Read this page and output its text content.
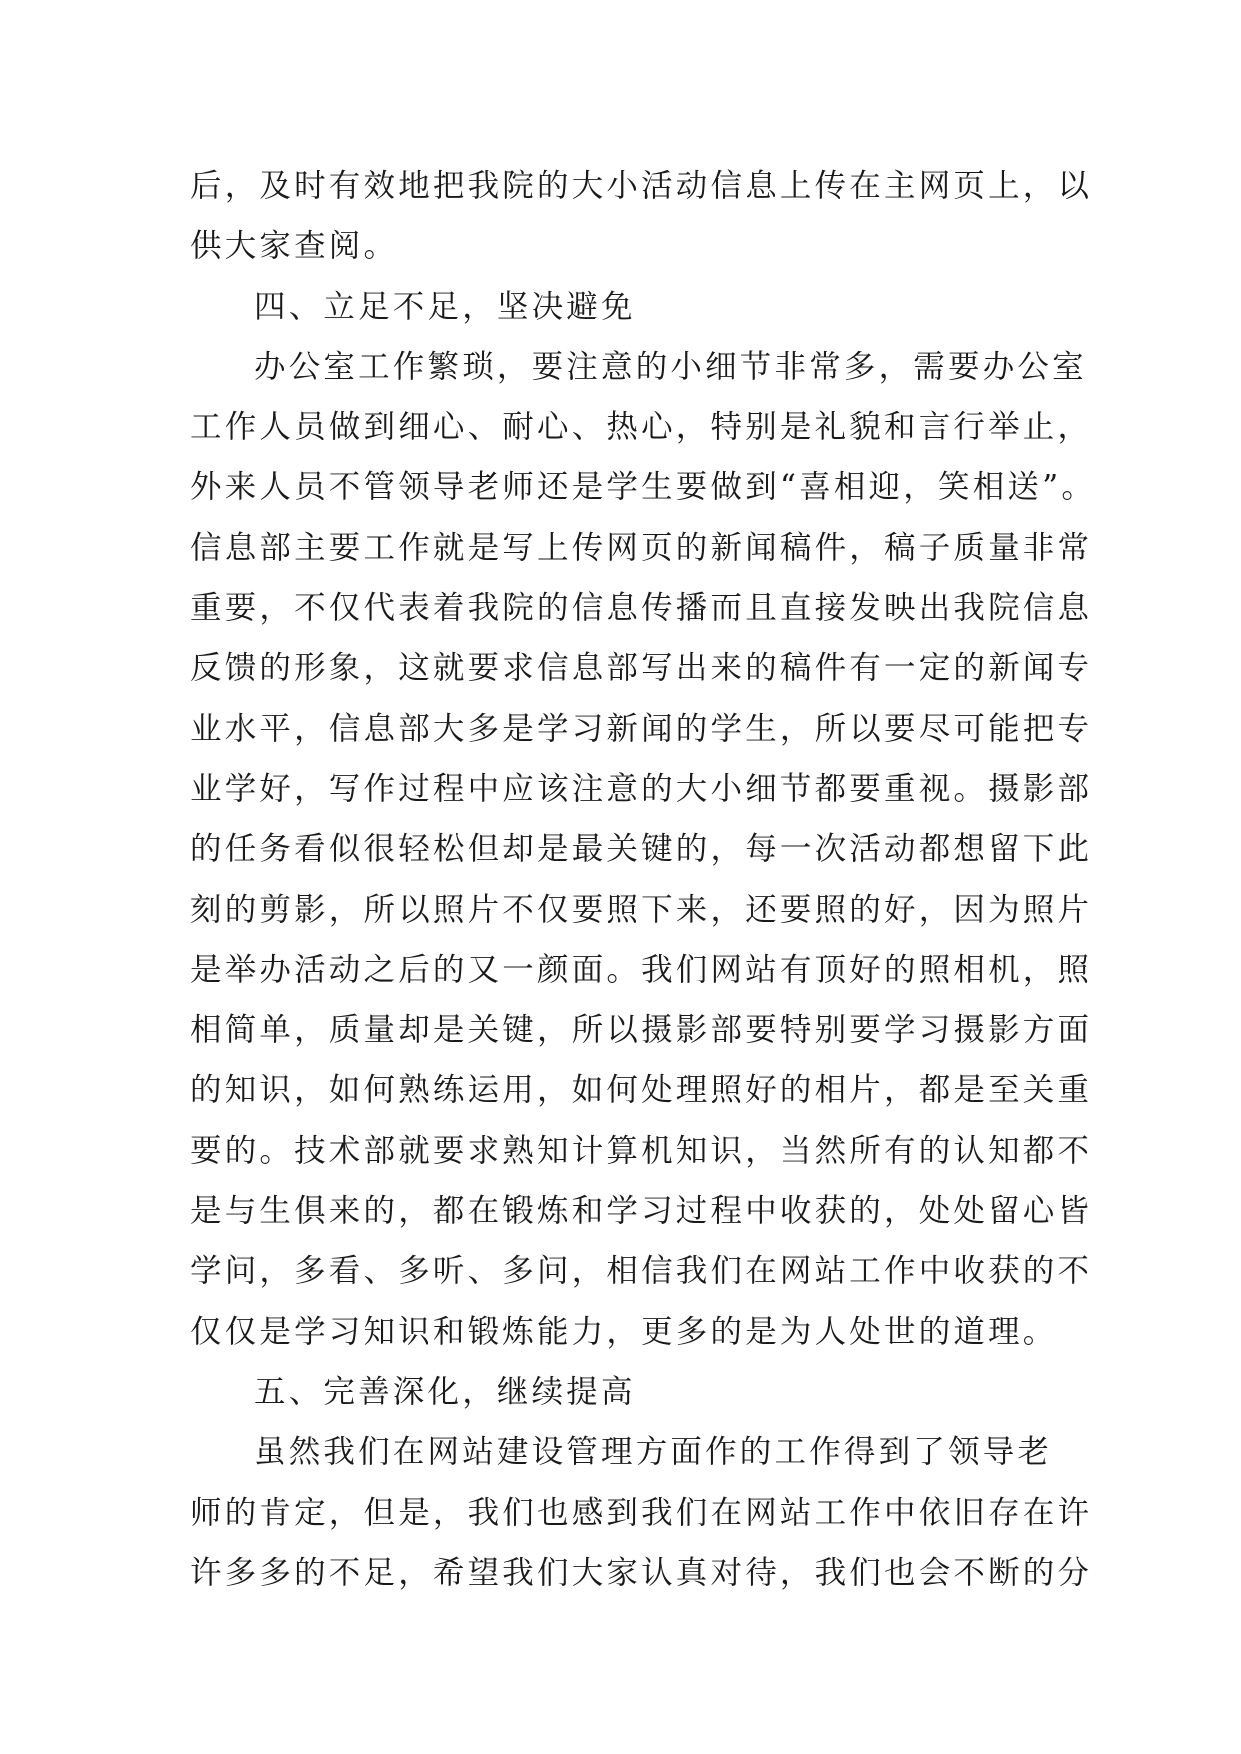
后，及时有效地把我院的大小活动信息上传在主网页上，以
供大家查阅。
四、立足不足，坚决避免
办公室工作繁琐，要注意的小细节非常多，需要办公室
工作人员做到细心、耐心、热心，特别是礼貌和言行举止，
外来人员不管领导老师还是学生要做到“喜相迎，笑相送”。
信息部主要工作就是写上传网页的新闻稿件，稿子质量非常
重要，不仅代表着我院的信息传播而且直接发映出我院信息
反馈的形象，这就要求信息部写出来的稿件有一定的新闻专
业水平，信息部大多是学习新闻的学生，所以要尽可能把专
业学好，写作过程中应该注意的大小细节都要重视。摄影部
的任务看似很轻松但却是最关键的，每一次活动都想留下此
刻的剪影，所以照片不仅要照下来，还要照的好，因为照片
是举办活动之后的又一颜面。我们网站有顶好的照相机，照
相简单，质量却是关键，所以摄影部要特别要学习摄影方面
的知识，如何熟练运用，如何处理照好的相片，都是至关重
要的。技术部就要求熟知计算机知识，当然所有的认知都不
是与生俱来的，都在锻炼和学习过程中收获的，处处留心皆
学问，多看、多听、多问，相信我们在网站工作中收获的不
仅仅是学习知识和锻炼能力，更多的是为人处世的道理。
五、完善深化，继续提高
虽然我们在网站建设管理方面作的工作得到了领导老
师的肯定，但是，我们也感到我们在网站工作中依旧存在许
许多多的不足，希望我们大家认真对待，我们也会不断的分
